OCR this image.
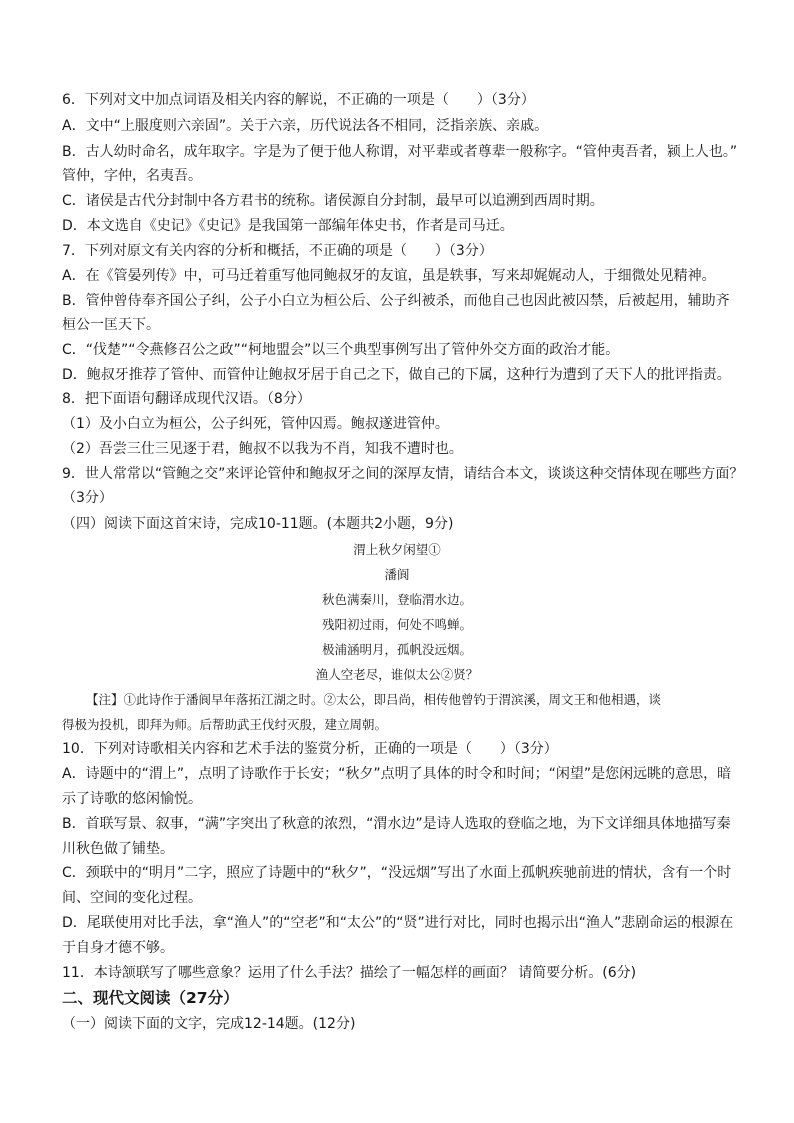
6．下列对文中加点词语及相关内容的解说，不正确的一项是（　　）（3分）
A．文中“上服度则六亲固”。关于六亲，历代说法各不相同，泛指亲族、亲戚。
B．古人幼时命名，成年取字。字是为了便于他人称谓，对平辈或者尊辈一般称字。“管仲夷吾者，颍上人也。”
管仲，字仲，名夷吾。
C．诸侯是古代分封制中各方君书的统称。诸侯源自分封制，最早可以追溯到西周时期。
D．本文选自《史记》《史记》是我国第一部编年体史书，作者是司马迁。
7．下列对原文有关内容的分析和概括，不正确的项是（　　）（3分）
A．在《管晏列传》中，可马迁着重写他同鲍叔牙的友谊，虽是轶事，写来却娓娓动人，于细微处见精神。
B．管仲曾侍奉齐国公子纠，公子小白立为桓公后、公子纠被杀，而他自己也因此被囚禁，后被起用，辅助齐
桓公一匡天下。
C．“伐楚”“令燕修召公之政”“柯地盟会”以三个典型事例写出了管仲外交方面的政治才能。
D．鲍叔牙推荐了管仲、而管仲让鲍叔牙居于自己之下，做自己的下属，这种行为遭到了天下人的批评指责。
8．把下面语句翻译成现代汉语。（8分）
（1）及小白立为桓公，公子纠死，管仲囚焉。鲍叔遂进管仲。
（2）吾尝三仕三见逐于君，鲍叔不以我为不肖，知我不遭时也。
9．世人常常以“管鲍之交”来评论管仲和鲍叔牙之间的深厚友情，请结合本文，谈谈这种交情体现在哪些方面？
（3分）
（四）阅读下面这首宋诗，完成10-11题。(本题共2小题，9分)
渭上秋夕闲望①
潘阆
秋色满秦川，登临渭水边。
残阳初过雨，何处不鸣蝉。
极浦涵明月，孤帆没远烟。
渔人空老尽，谁似太公②贤？
【注】①此诗作于潘阆早年落拓江湖之时。②太公，即吕尚，相传他曾钓于渭滨溪，周文王和他相遇，谈
得极为投机，即拜为师。后帮助武王伐纣灭殷，建立周朝。
10．下列对诗歌相关内容和艺术手法的鉴赏分析，正确的一项是（　　）（3分）
A．诗题中的“渭上”，点明了诗歌作于长安；“秋夕”点明了具体的时令和时间；“闲望”是您闲远眺的意思，暗
示了诗歌的悠闲愉悦。
B．首联写景、叙事，“满”字突出了秋意的浓烈，“渭水边”是诗人选取的登临之地，为下文详细具体地描写秦
川秋色做了铺垫。
C．颈联中的“明月”二字，照应了诗题中的“秋夕”，“没远烟”写出了水面上孤帆疾驰前进的情状，含有一个时
间、空间的变化过程。
D．尾联使用对比手法，拿“渔人”的“空老”和“太公”的“贤”进行对比，同时也揭示出“渔人”悲剧命运的根源在
于自身才德不够。
11．本诗颔联写了哪些意象？运用了什么手法？描绘了一幅怎样的画面？ 请简要分析。(6分)
二、现代文阅读（27分）
（一）阅读下面的文字，完成12-14题。(12分)
